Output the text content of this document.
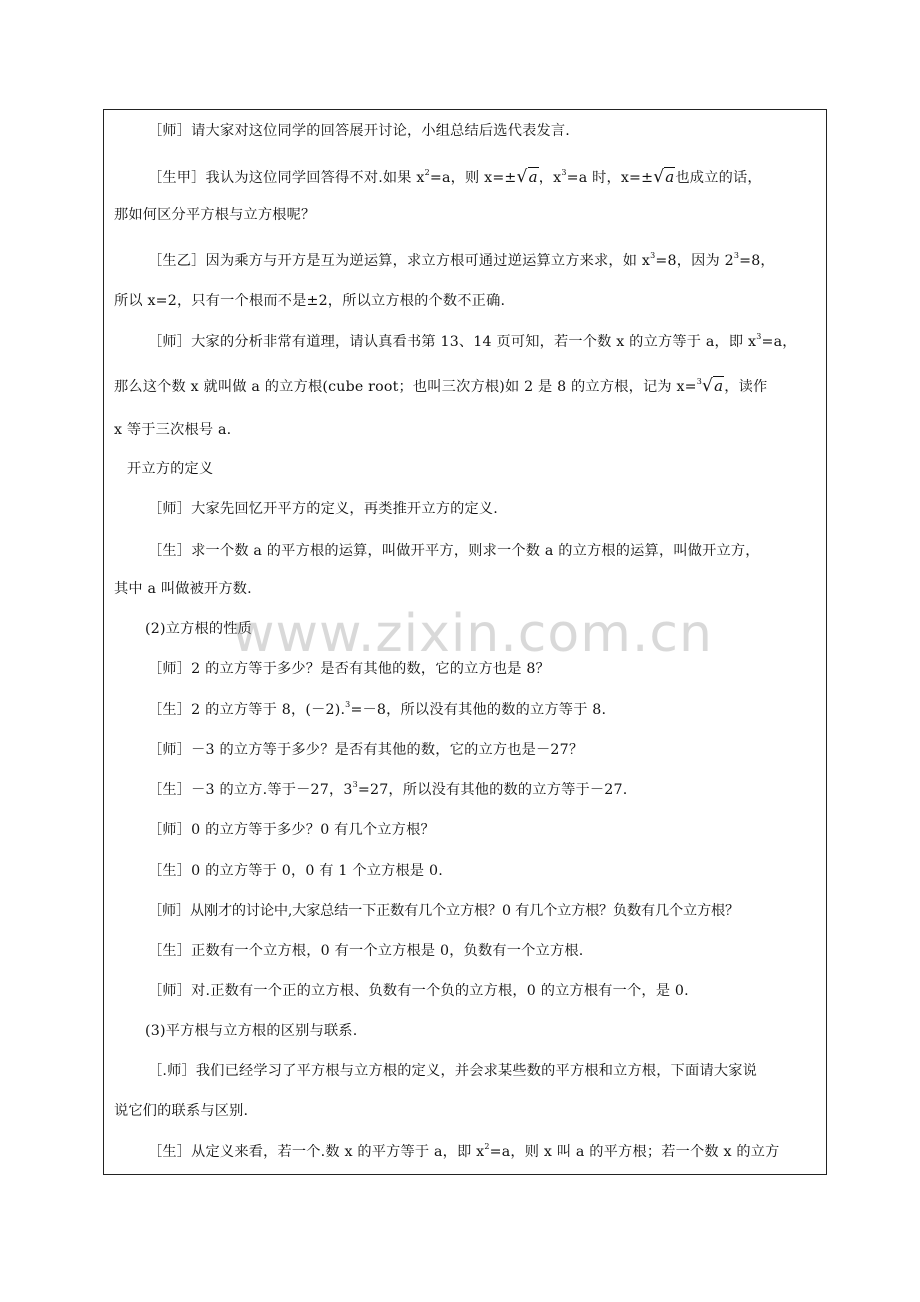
［师］请大家对这位同学的回答展开讨论，小组总结后选代表发言.

［生甲］我认为这位同学回答得不对.如果 $x^2=a$，则 x=±√a，$x^3=a$ 时，x=±√a也成立的话，

那如何区分平方根与立方根呢？

［生乙］因为乘方与开方是互为逆运算，求立方根可通过逆运算立方来求，如 $x^3=8$，因为 $2^3=8$，

所以 x=2，只有一个根而不是±2，所以立方根的个数不正确.

［师］大家的分析非常有道理，请认真看书第 13、14 页可知，若一个数 x 的立方等于 a，即 $x^3=a$，

那么这个数 x 就叫做 a 的立方根(cube root；也叫三次方根)如 2 是 8 的立方根，记为 x=$^3$√a，读作

x 等于三次根号 a.

开立方的定义

［师］大家先回忆开平方的定义，再类推开立方的定义.

［生］求一个数 a 的平方根的运算，叫做开平方，则求一个数 a 的立方根的运算，叫做开立方，

其中 a 叫做被开方数.

(2)立方根的性质

［师］2 的立方等于多少？是否有其他的数，它的立方也是 8？

［生］2 的立方等于 8，(－2).$^3$=－8，所以没有其他的数的立方等于 8.

［师］－3 的立方等于多少？是否有其他的数，它的立方也是－27？

［生］－3 的立方.等于－27，$3^3=27$，所以没有其他的数的立方等于－27.

［师］0 的立方等于多少？0 有几个立方根？

［生］0 的立方等于 0，0 有 1 个立方根是 0.

［师］从刚才的讨论中,大家总结一下正数有几个立方根？0 有几个立方根？负数有几个立方根？

［生］正数有一个立方根，0 有一个立方根是 0，负数有一个立方根.

［师］对.正数有一个正的立方根、负数有一个负的立方根，0 的立方根有一个，是 0.

(3)平方根与立方根的区别与联系.

［.师］我们已经学习了平方根与立方根的定义，并会求某些数的平方根和立方根，下面请大家说

说它们的联系与区别.

［生］从定义来看，若一个.数 x 的平方等于 a，即 $x^2=a$，则 x 叫 a 的平方根；若一个数 x 的立方

www.zixin.com.cn
